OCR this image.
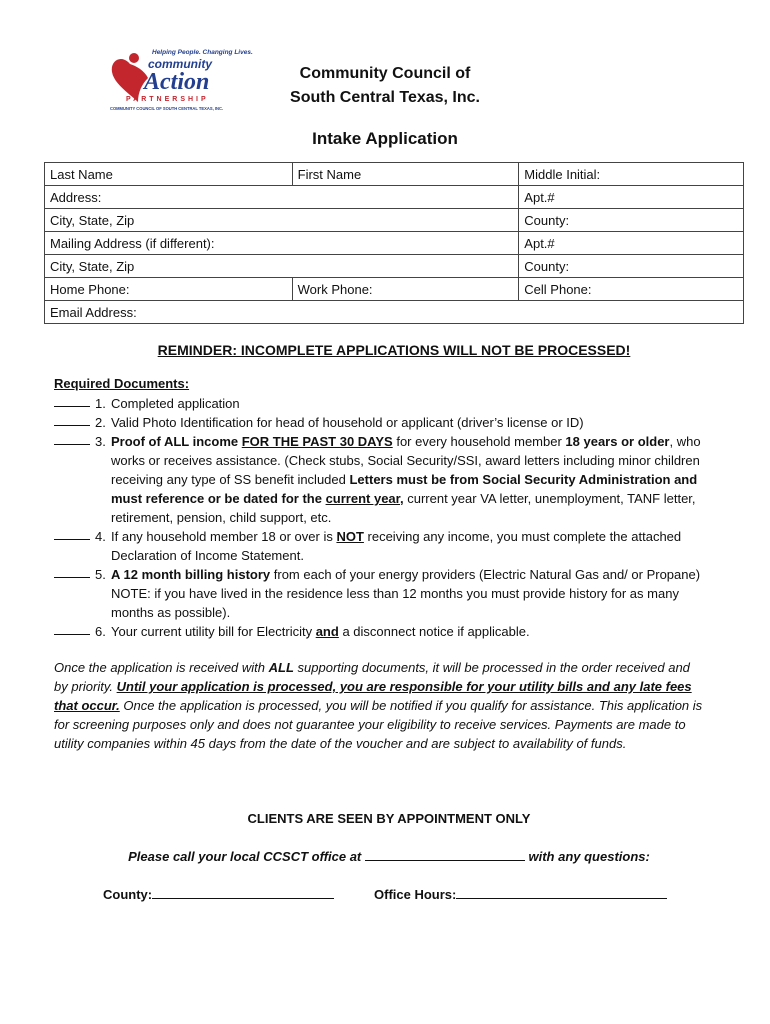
Helping People. Changing Lives.
community
Action
PARTNERSHIP
COMMUNITY COUNCIL OF SOUTH CENTRAL TEXAS, INC.
Community Council of
South Central Texas, Inc.
Intake Application
Last Name	First Name	Middle Initial:
Address:		Apt.#
City, State, Zip		County:
Mailing Address (if different):		Apt.#
City, State, Zip		County:
Home Phone:	Work Phone:	Cell Phone:
Email Address:		
REMINDER: INCOMPLETE APPLICATIONS WILL NOT BE PROCESSED!
Required Documents:
1. Completed application
2. Valid Photo Identification for head of household or applicant (driver’s license or ID)
3. Proof of ALL income FOR THE PAST 30 DAYS for every household member 18 years or older, who works or receives assistance. (Check stubs, Social Security/SSI, award letters including minor children receiving any type of SS benefit included Letters must be from Social Security Administration and must reference or be dated for the current year, current year VA letter, unemployment, TANF letter, retirement, pension, child support, etc.
4. If any household member 18 or over is NOT receiving any income, you must complete the attached Declaration of Income Statement.
5. A 12 month billing history from each of your energy providers (Electric Natural Gas and/ or Propane) NOTE: if you have lived in the residence less than 12 months you must provide history for as many months as possible).
6. Your current utility bill for Electricity and a disconnect notice if applicable.
Once the application is received with ALL supporting documents, it will be processed in the order received and by priority. Until your application is processed, you are responsible for your utility bills and any late fees that occur. Once the application is processed, you will be notified if you qualify for assistance. This application is for screening purposes only and does not guarantee your eligibility to receive services. Payments are made to utility companies within 45 days from the date of the voucher and are subject to availability of funds.
CLIENTS ARE SEEN BY APPOINTMENT ONLY
Please call your local CCSCT office at	with any questions:
County:	Office Hours:
